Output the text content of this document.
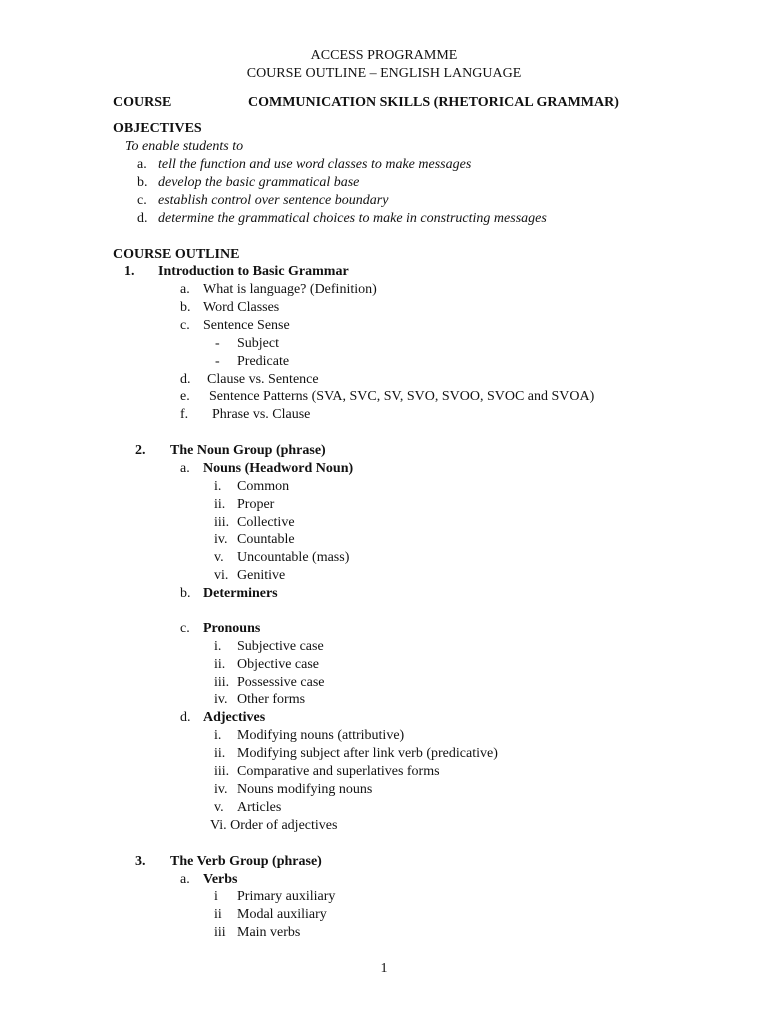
ACCESS PROGRAMME
COURSE OUTLINE – ENGLISH LANGUAGE
COURSE	COMMUNICATION SKILLS (RHETORICAL GRAMMAR)
OBJECTIVES
To enable students to
a. tell the function and use word classes to make messages
b. develop the basic grammatical base
c. establish control over sentence boundary
d. determine the grammatical choices to make in constructing messages
COURSE OUTLINE
1. Introduction to Basic Grammar
a. What is language? (Definition)
b. Word Classes
c. Sentence Sense
- Subject
- Predicate
d. Clause vs. Sentence
e. Sentence Patterns (SVA, SVC, SV, SVO, SVOO, SVOC and SVOA)
f. Phrase vs. Clause
2. The Noun Group (phrase)
a. Nouns (Headword Noun)
i. Common
ii. Proper
iii. Collective
iv. Countable
v. Uncountable (mass)
vi. Genitive
b. Determiners
c. Pronouns
i. Subjective case
ii. Objective case
iii. Possessive case
iv. Other forms
d. Adjectives
i. Modifying nouns (attributive)
ii. Modifying subject after link verb (predicative)
iii. Comparative and superlatives forms
iv. Nouns modifying nouns
v. Articles
Vi. Order of adjectives
3. The Verb Group (phrase)
a. Verbs
i Primary auxiliary
ii Modal auxiliary
iii Main verbs
1
